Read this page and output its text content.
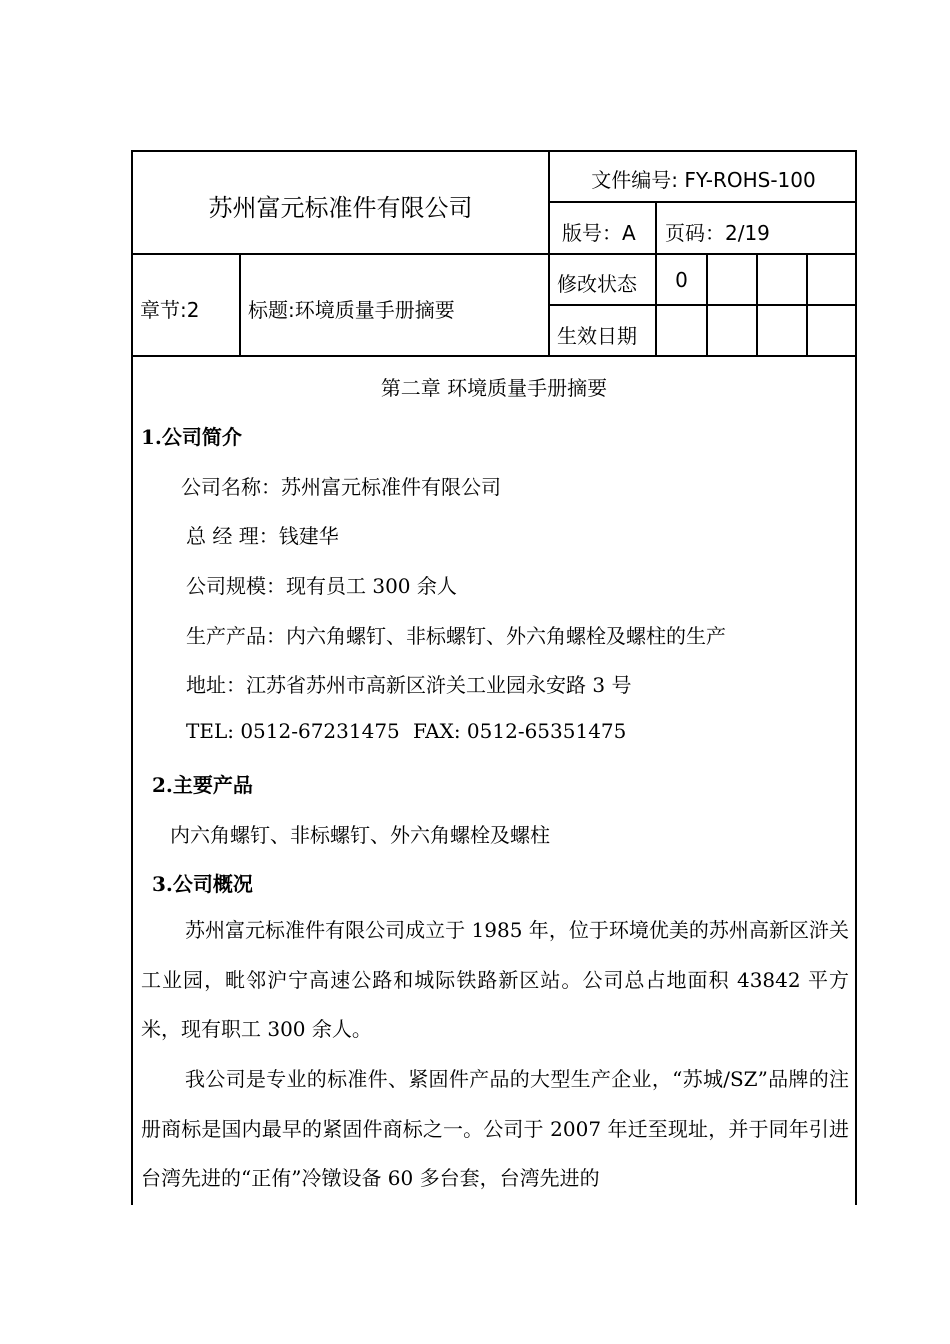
苏州富元标准件有限公司
文件编号: FY-ROHS-100
版号：A 页码：2/19
章节:2 标题:环境质量手册摘要
修改状态	0
生效日期
第二章 环境质量手册摘要
1.公司简介
公司名称：苏州富元标准件有限公司
总 经 理：钱建华
公司规模：现有员工 300 余人
生产产品：内六角螺钉、非标螺钉、外六角螺栓及螺柱的生产
地址：江苏省苏州市高新区浒关工业园永安路 3 号
TEL: 0512-67231475 FAX: 0512-65351475
2.主要产品
内六角螺钉、非标螺钉、外六角螺栓及螺柱
3.公司概况
苏州富元标准件有限公司成立于 1985 年，位于环境优美的苏州高新区浒关工业园，毗邻沪宁高速公路和城际铁路新区站。公司总占地面积 43842 平方米，现有职工 300 余人。
我公司是专业的标准件、紧固件产品的大型生产企业，“苏城/SZ”品牌的注册商标是国内最早的紧固件商标之一。公司于 2007 年迁至现址，并于同年引进台湾先进的“正侑”冷镦设备 60 多台套，台湾先进的
